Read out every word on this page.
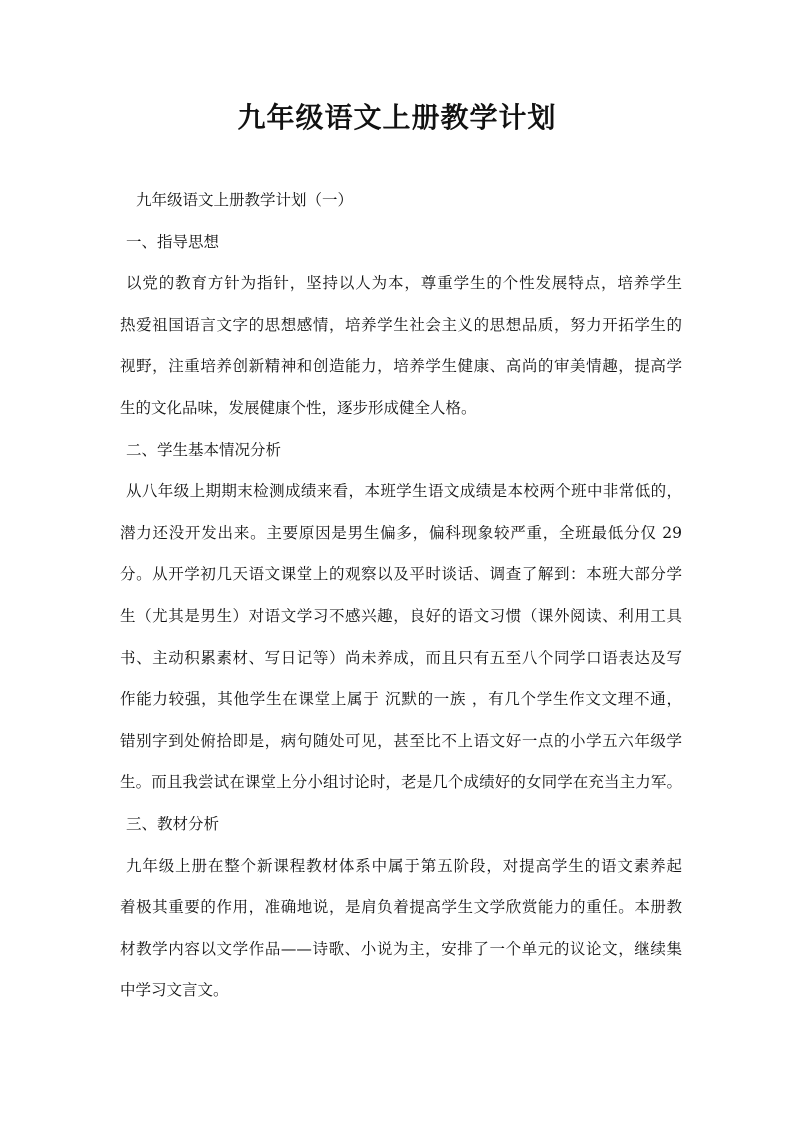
九年级语文上册教学计划
九年级语文上册教学计划（一）
一、指导思想
以党的教育方针为指针，坚持以人为本，尊重学生的个性发展特点，培养学生
热爱祖国语言文字的思想感情，培养学生社会主义的思想品质，努力开拓学生的
视野，注重培养创新精神和创造能力，培养学生健康、高尚的审美情趣，提高学
生的文化品味，发展健康个性，逐步形成健全人格。
二、学生基本情况分析
从八年级上期期末检测成绩来看，本班学生语文成绩是本校两个班中非常低的，
潜力还没开发出来。主要原因是男生偏多，偏科现象较严重，全班最低分仅 29
分。从开学初几天语文课堂上的观察以及平时谈话、调查了解到：本班大部分学
生（尤其是男生）对语文学习不感兴趣，良好的语文习惯（课外阅读、利用工具
书、主动积累素材、写日记等）尚未养成，而且只有五至八个同学口语表达及写
作能力较强，其他学生在课堂上属于 沉默的一族 ，有几个学生作文文理不通，
错别字到处俯拾即是，病句随处可见，甚至比不上语文好一点的小学五六年级学
生。而且我尝试在课堂上分小组讨论时，老是几个成绩好的女同学在充当主力军。
三、教材分析
九年级上册在整个新课程教材体系中属于第五阶段，对提高学生的语文素养起
着极其重要的作用，准确地说，是肩负着提高学生文学欣赏能力的重任。本册教
材教学内容以文学作品——诗歌、小说为主，安排了一个单元的议论文，继续集
中学习文言文。
